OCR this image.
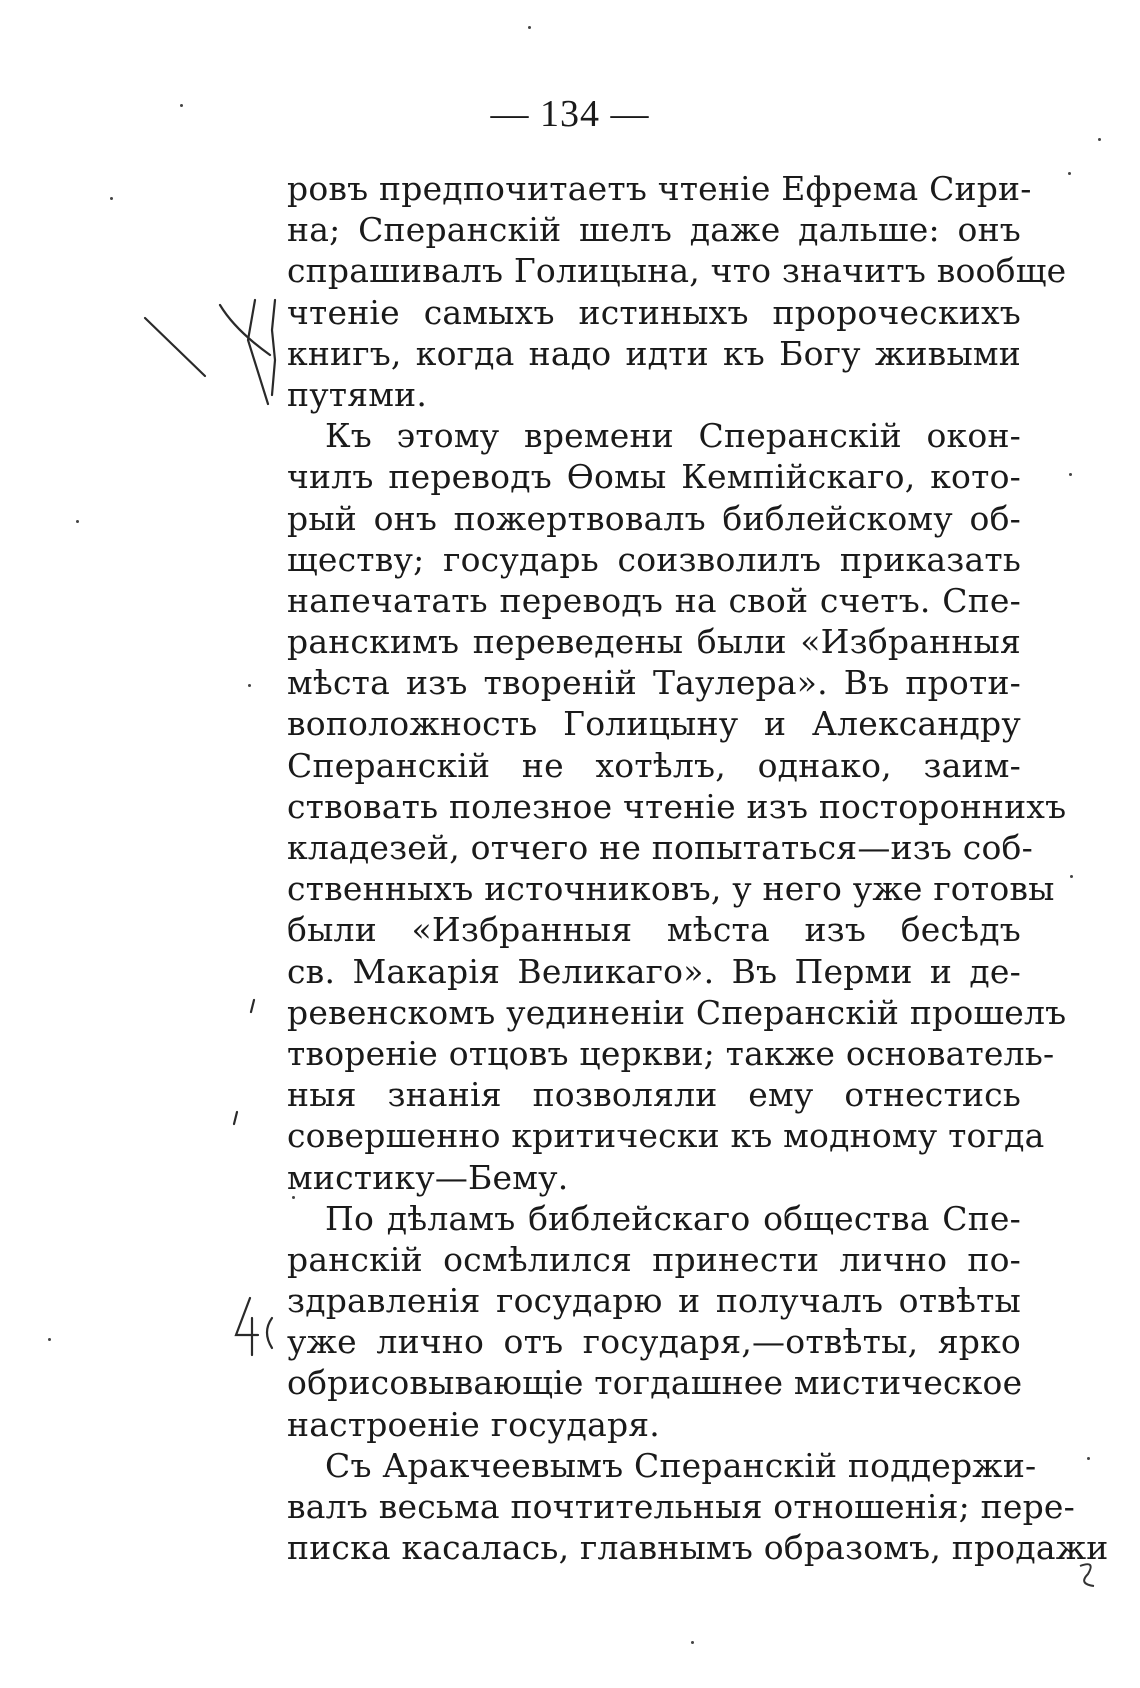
— 134 —
ровъ предпочитаетъ чтеніе Ефрема Сири-
на; Сперанскій шелъ даже дальше: онъ
спрашивалъ Голицына, что значитъ вообще
чтеніе самыхъ истиныхъ пророческихъ
книгъ, когда надо идти къ Богу живыми
путями.
Къ этому времени Сперанскій окон-
чилъ переводъ Ѳомы Кемпійскаго, кото-
рый онъ пожертвовалъ библейскому об-
ществу; государь соизволилъ приказать
напечатать переводъ на свой счетъ. Спе-
ранскимъ переведены были «Избранныя
мѣста изъ твореній Таулера». Въ проти-
воположность Голицыну и Александру
Сперанскій не хотѣлъ, однако, заим-
ствовать полезное чтеніе изъ постороннихъ
кладезей, отчего не попытаться—изъ соб-
ственныхъ источниковъ, у него уже готовы
были «Избранныя мѣста изъ бесѣдъ
св. Макарія Великаго». Въ Перми и де-
ревенскомъ уединеніи Сперанскій прошелъ
твореніе отцовъ церкви; также основатель-
ныя знанія позволяли ему отнестись
совершенно критически къ модному тогда
мистику—Бему.
По дѣламъ библейскаго общества Спе-
ранскій осмѣлился принести лично по-
здравленія государю и получалъ отвѣты
уже лично отъ государя,—отвѣты, ярко
обрисовывающіе тогдашнее мистическое
настроеніе государя.
Съ Аракчеевымъ Сперанскій поддержи-
валъ весьма почтительныя отношенія; пере-
писка касалась, главнымъ образомъ, продажи
